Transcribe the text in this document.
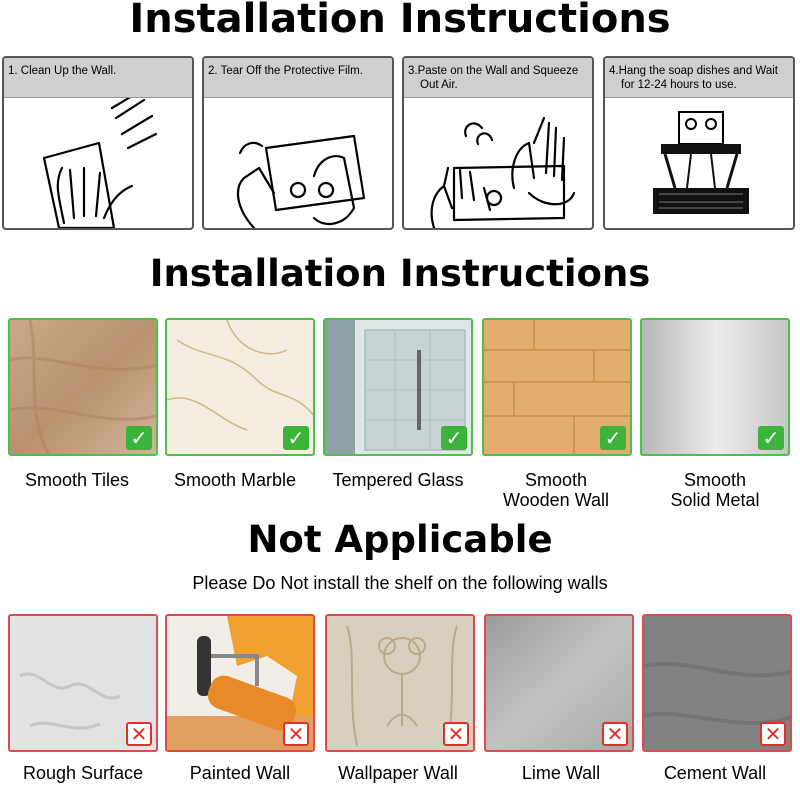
Installation Instructions
1. Clean Up the Wall.	2. Tear Off the Protective Film.	3.Paste on the Wall and Squeeze
Out Air.
4.Hang the soap dishes and Wait
for 12-24 hours to use.
Installation Instructions
✓	✓	✓	✓	✓
Smooth Tiles	Smooth Marble	Tempered Glass	Smooth
Wooden Wall
Smooth
Solid Metal
Not Applicable
Please Do Not install the shelf on the following walls
✕	✕	✕	✕	✕
Rough Surface	Painted Wall	Wallpaper Wall	Lime Wall	Cement Wall
